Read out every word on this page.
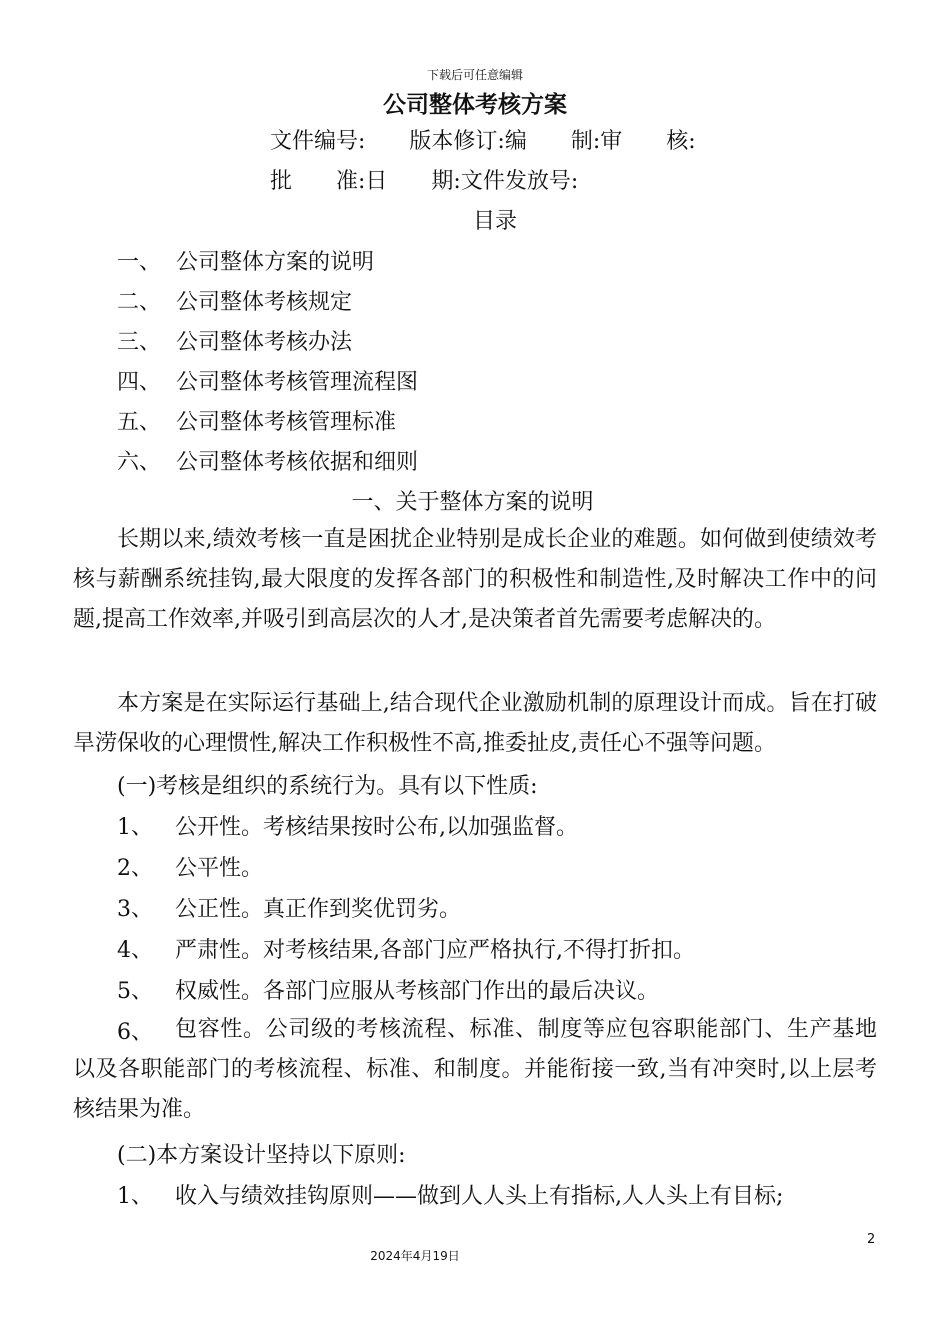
下载后可任意编辑
公司整体考核方案
文件编号:　　版本修订:编　　制:审　　核:
批　　准:日　　期:文件发放号:
目录
一、 公司整体方案的说明
二、 公司整体考核规定
三、 公司整体考核办法
四、 公司整体考核管理流程图
五、 公司整体考核管理标准
六、 公司整体考核依据和细则
一、关于整体方案的说明
长期以来,绩效考核一直是困扰企业特别是成长企业的难题。如何做到使绩效考核与薪酬系统挂钩,最大限度的发挥各部门的积极性和制造性,及时解决工作中的问题,提高工作效率,并吸引到高层次的人才,是决策者首先需要考虑解决的。
本方案是在实际运行基础上,结合现代企业激励机制的原理设计而成。旨在打破旱涝保收的心理惯性,解决工作积极性不高,推委扯皮,责任心不强等问题。
(一)考核是组织的系统行为。具有以下性质:
1、 公开性。考核结果按时公布,以加强监督。
2、 公平性。
3、 公正性。真正作到奖优罚劣。
4、 严肃性。对考核结果,各部门应严格执行,不得打折扣。
5、 权威性。各部门应服从考核部门作出的最后决议。
6、	包容性。公司级的考核流程、标准、制度等应包容职能部门、生产基地以及各职能部门的考核流程、标准、和制度。并能衔接一致,当有冲突时,以上层考核结果为准。
(二)本方案设计坚持以下原则:
1、 收入与绩效挂钩原则——做到人人头上有指标,人人头上有目标;
2
2024年4月19日
